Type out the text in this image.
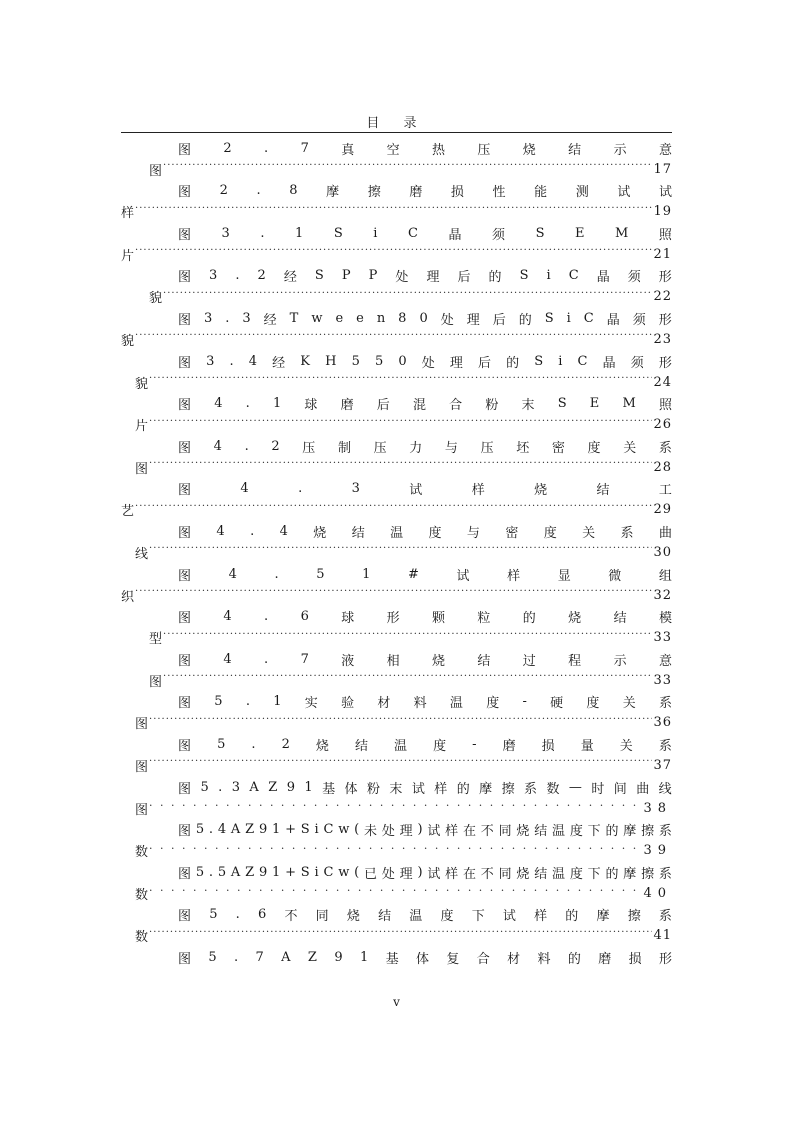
目 录
图 2 . 7 真 空 热 压 烧 结 示 意
图 ·····	17
图 2 . 8 摩 擦 磨 损 性 能 测 试 试
样 ·····	19
图 3 . 1 S i C 晶 须 S E M 照
片 ·····	21
图 3 . 2 经 S P P 处 理 后 的 S i C 晶 须 形
貌 ·····	22
图 3 . 3 经 T w e e n 8 0 处 理 后 的 S i C 晶 须 形
貌 ·····	23
图 3 . 4 经 K H 5 5 0 处 理 后 的 S i C 晶 须 形
貌 ·····	24
图 4 . 1 球 磨 后 混 合 粉 末 S E M 照
片 ·····	26
图 4 . 2 压 制 压 力 与 压 坯 密 度 关 系
图 ·····	28
图	4	.	3	试	样	烧	结	工
艺 ·····	29
图 4 . 4 烧 结 温 度 与 密 度 关 系 曲
线 ·····	30
图	4	.	5	1	#	试	样	显	微	组
织 ·····	32
图 4 . 6 球 形 颗 粒 的 烧 结 模
型 ·····	33
图 4 . 7 液 相 烧 结 过 程 示 意
图 ·····	33
图 5 . 1 实 验 材 料 温 度 - 硬 度 关 系
图 ·····	36
图 5 . 2 烧 结 温 度 - 磨 损 量 关 系
图 ·····	37
图 5 . 3 A Z 9 1 基 体 粉 末 试 样 的 摩 擦 系 数 — 时 间 曲 线
图 · · ·	38
图 5 . 4 A Z 9 1 + S i C w ( 未 处 理 ) 试 样 在 不 同 烧 结 温 度 下 的 摩 擦 系
数 · · ·	39
图 5 . 5 A Z 9 1 + S i C w ( 已 处 理 ) 试 样 在 不 同 烧 结 温 度 下 的 摩 擦 系
数 · · ·	40
图 5 . 6 不 同 烧 结 温 度 下 试 样 的 摩 擦 系
数 ·····	41
图 5 . 7 A Z 9 1 基 体 复 合 材 料 的 磨 损 形
v
